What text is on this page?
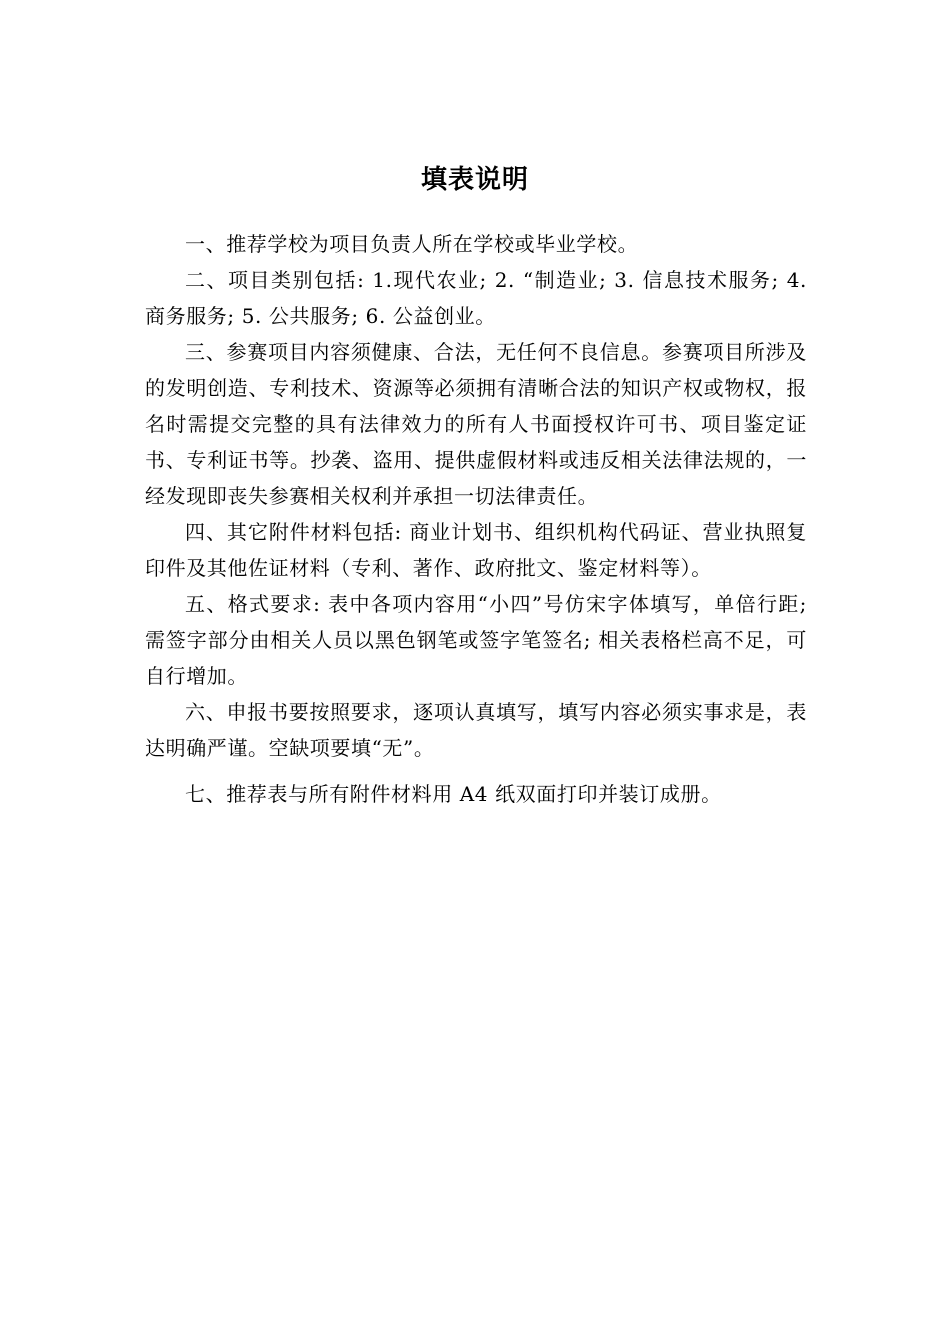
填表说明

一、推荐学校为项目负责人所在学校或毕业学校。

二、项目类别包括: 1.现代农业; 2. “制造业; 3. 信息技术服务; 4. 商务服务; 5. 公共服务; 6. 公益创业。

三、参赛项目内容须健康、合法，无任何不良信息。参赛项目所涉及的发明创造、专利技术、资源等必须拥有清晰合法的知识产权或物权，报名时需提交完整的具有法律效力的所有人书面授权许可书、项目鉴定证书、专利证书等。抄袭、盗用、提供虚假材料或违反相关法律法规的，一经发现即丧失参赛相关权利并承担一切法律责任。

四、其它附件材料包括: 商业计划书、组织机构代码证、营业执照复印件及其他佐证材料（专利、著作、政府批文、鉴定材料等）。

五、格式要求: 表中各项内容用“小四”号仿宋字体填写，单倍行距; 需签字部分由相关人员以黑色钢笔或签字笔签名; 相关表格栏高不足，可自行增加。

六、申报书要按照要求，逐项认真填写，填写内容必须实事求是，表达明确严谨。空缺项要填“无”。

七、推荐表与所有附件材料用 A4 纸双面打印并装订成册。
